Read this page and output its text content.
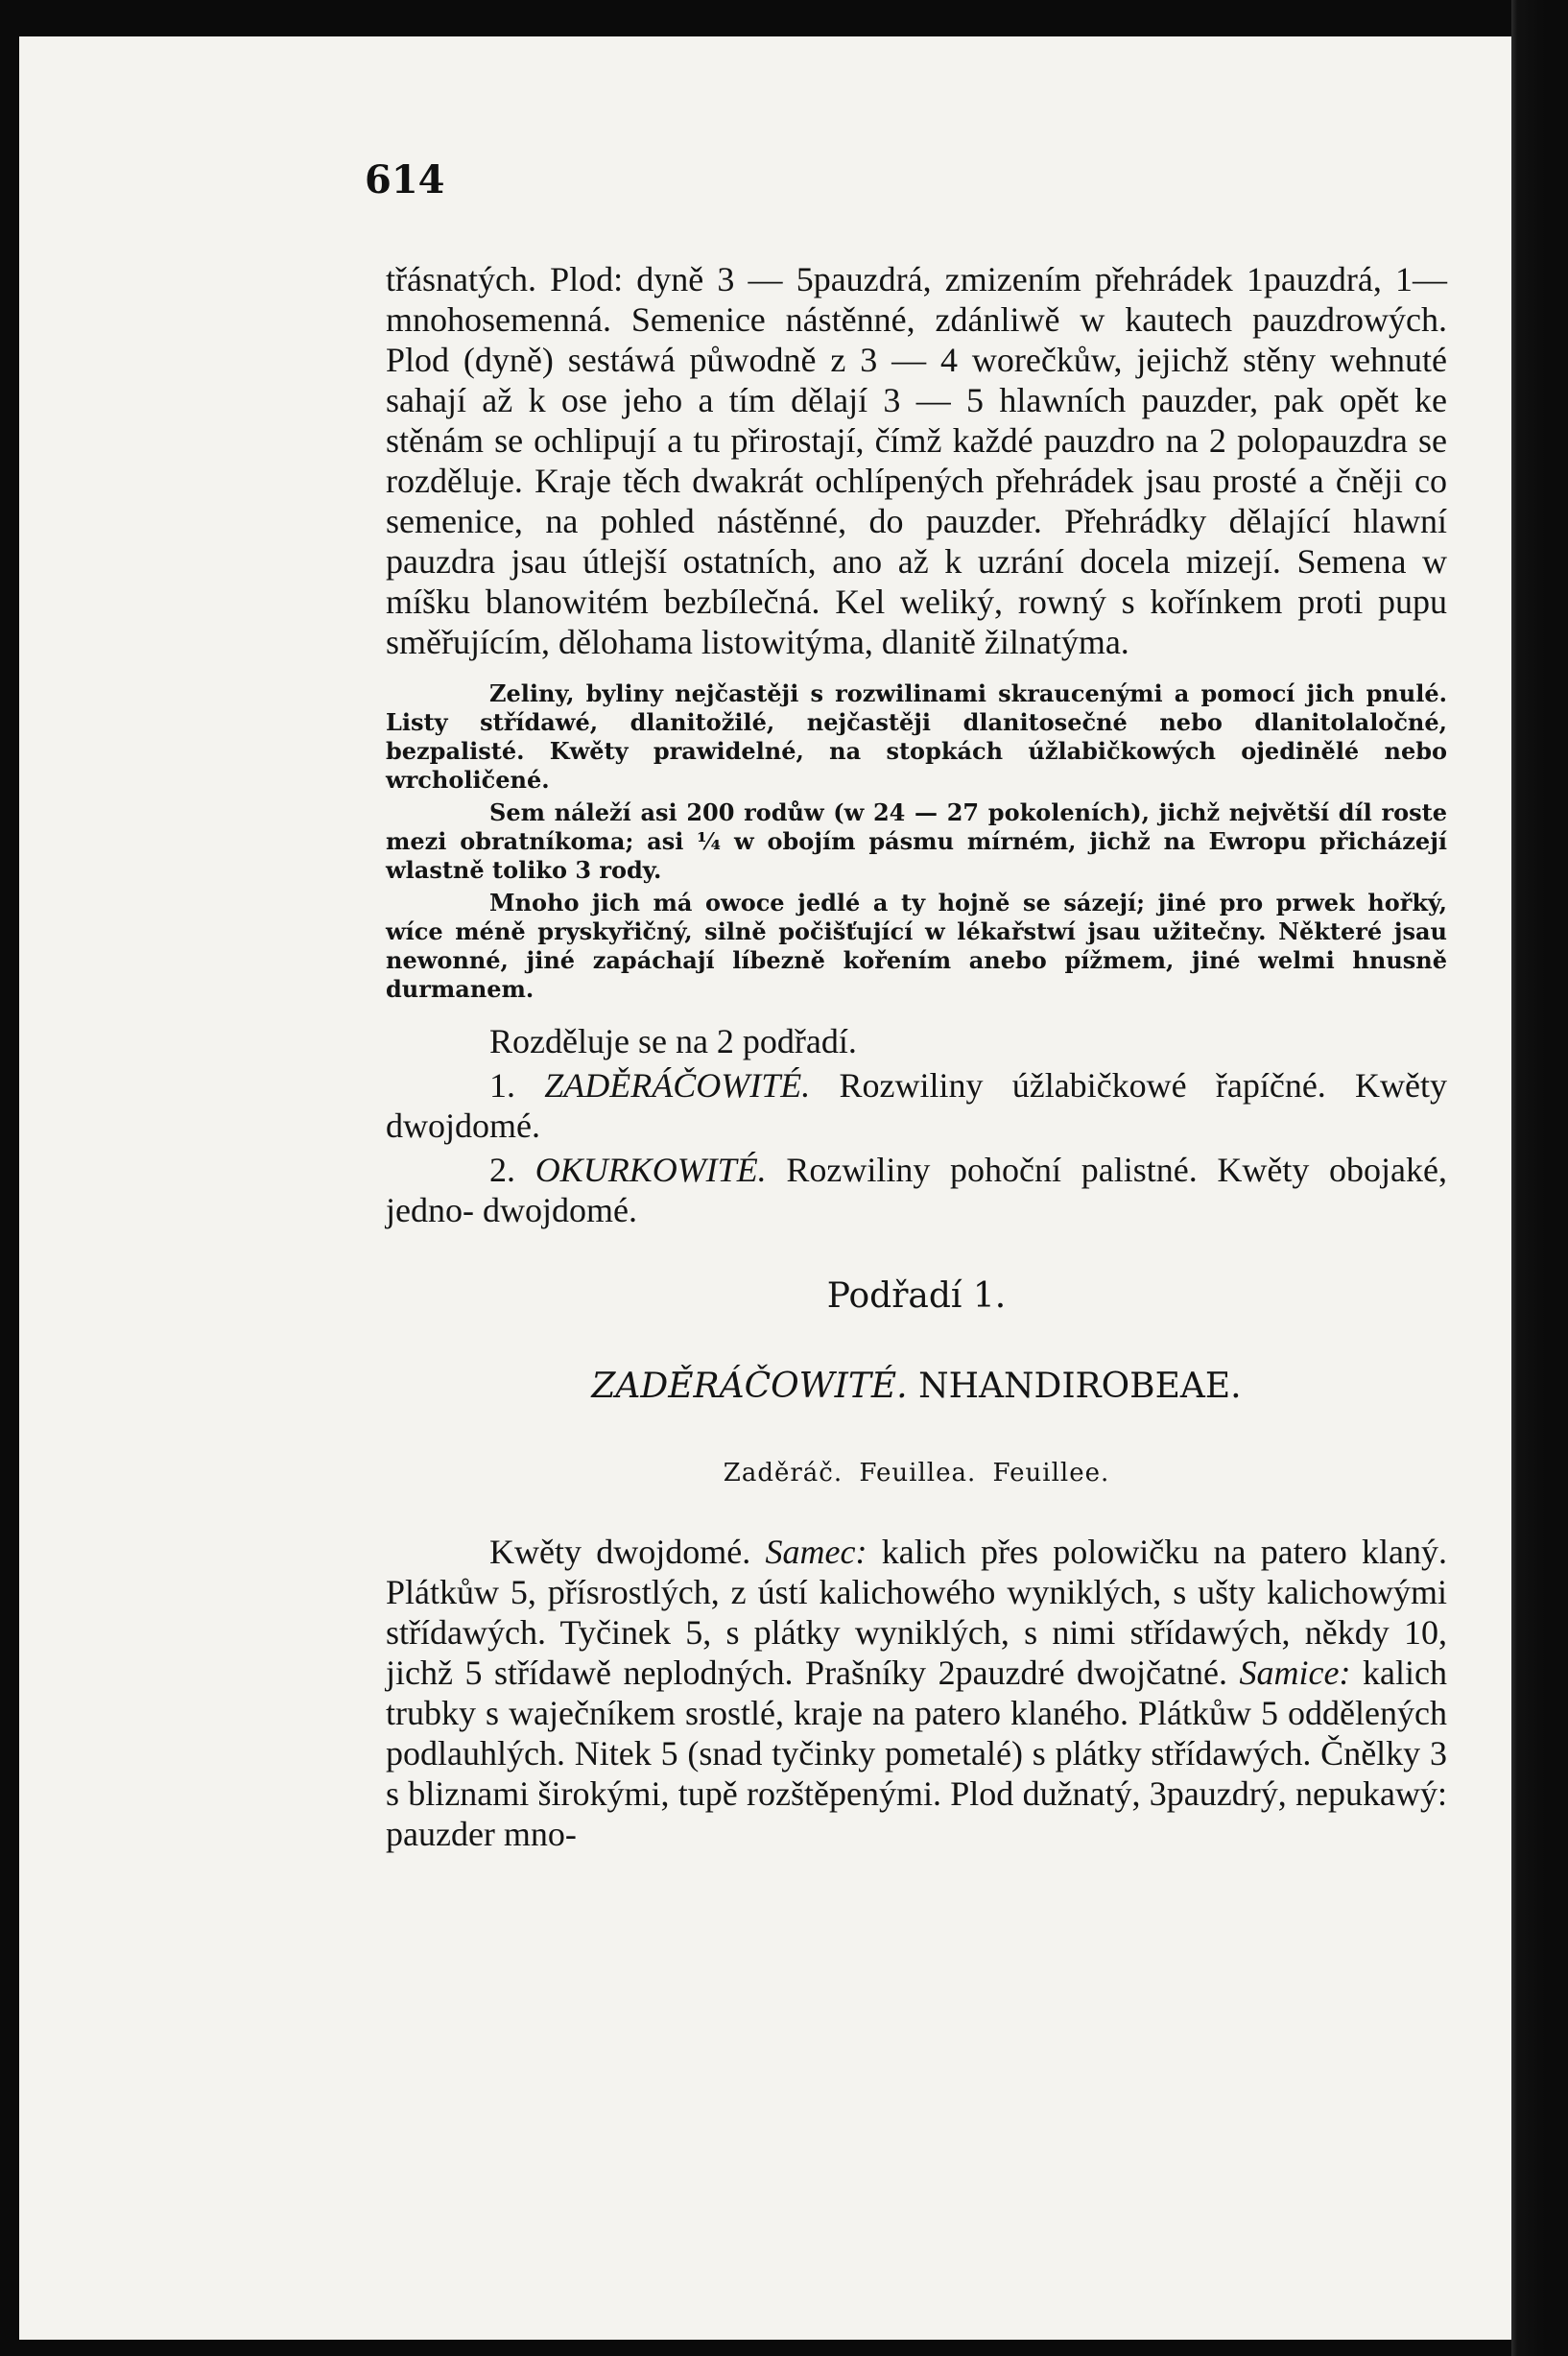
614

třásnatých. Plod: dyně 3 — 5pauzdrá, zmizením přehrádek 1pauzdrá, 1—mnohosemenná. Semenice nástěnné, zdánliwě w kautech pauzdrowých. Plod (dyně) sestáwá půwodně z 3 — 4 worečkůw, jejichž stěny wehnuté sahají až k ose jeho a tím dělají 3 — 5 hlawních pauzder, pak opět ke stěnám se ochlipují a tu přirostají, čímž každé pauzdro na 2 polopauzdra se rozděluje. Kraje těch dwakrát ochlípených přehrádek jsau prosté a čněji co semenice, na pohled nástěnné, do pauzder. Přehrádky dělající hlawní pauzdra jsau útlejší ostatních, ano až k uzrání docela mizejí. Semena w míšku blanowitém bezbílečná. Kel weliký, rowný s kořínkem proti pupu směřujícím, dělohama listowitýma, dlanitě žilnatýma.

Zeliny, byliny nejčastěji s rozwilinami skraucenými a pomocí jich pnulé. Listy střídawé, dlanitožilé, nejčastěji dlanitosečné nebo dlanitolaločné, bezpalisté. Kwěty prawidelné, na stopkách úžlabičkowých ojedinělé nebo wrcholičené.

Sem náleží asi 200 rodůw (w 24 — 27 pokoleních), jichž největší díl roste mezi obratníkoma; asi ¼ w obojím pásmu mírném, jichž na Ewropu přicházejí wlastně toliko 3 rody.

Mnoho jich má owoce jedlé a ty hojně se sázejí; jiné pro prwek hořký, wíce méně pryskyřičný, silně počišťující w lékařstwí jsau užitečny. Některé jsau newonné, jiné zapáchají líbezně kořením anebo pížmem, jiné welmi hnusně durmanem.

Rozděluje se na 2 podřadí.

1. ZADĚRÁČOWITÉ. Rozwiliny úžlabičkowé řapíčné. Kwěty dwojdomé.

2. OKURKOWITÉ. Rozwiliny pohoční palistné. Kwěty obojaké, jedno- dwojdomé.

Podřadí 1.
ZADĚRÁČOWITÉ. NHANDIROBEAE.
Zaděráč. Feuillea. Feuillee.

Kwěty dwojdomé. Samec: kalich přes polowičku na patero klaný. Plátkůw 5, přísrostlých, z ústí kalichowého wyniklých, s ušty kalichowými střídawých. Tyčinek 5, s plátky wyniklých, s nimi střídawých, někdy 10, jichž 5 střídawě neplodných. Prašníky 2pauzdré dwojčatné. Samice: kalich trubky s waječníkem srostlé, kraje na patero klaného. Plátkůw 5 oddělených podlauhlých. Nitek 5 (snad tyčinky pometalé) s plátky střídawých. Čnělky 3 s bliznami širokými, tupě rozštěpenými. Plod dužnatý, 3pauzdrý, nepukawý: pauzder mno-
